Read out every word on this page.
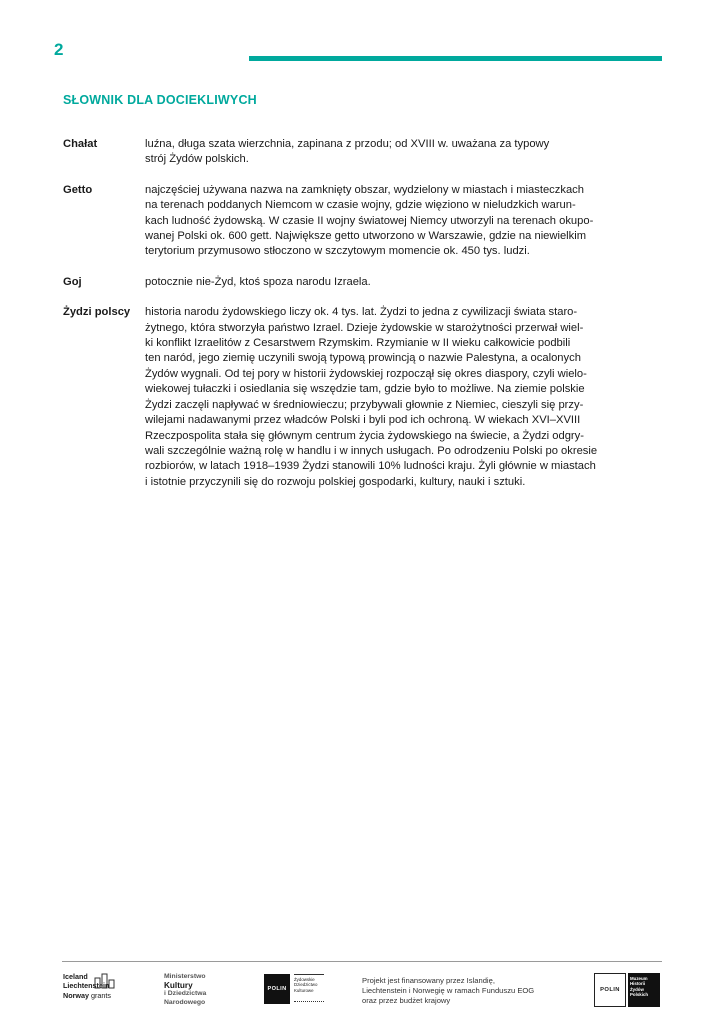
2
SŁOWNIK DLA DOCIEKLIWYCH
Chałat	luźna, długa szata wierzchnia, zapinana z przodu; od XVIII w. uważana za typowy
strój Żydów polskich.
Getto	najczęściej używana nazwa na zamknięty obszar, wydzielony w miastach i miasteczkach
na terenach poddanych Niemcom w czasie wojny, gdzie więziono w nieludzkich warun-
kach ludność żydowską. W czasie II wojny światowej Niemcy utworzyli na terenach okupo-
wanej Polski ok. 600 gett. Największe getto utworzono w Warszawie, gdzie na niewielkim
terytorium przymusowo stłoczono w szczytowym momencie ok. 450 tys. ludzi.
Goj	potocznie nie-Żyd, ktoś spoza narodu Izraela.
Żydzi polscy	historia narodu żydowskiego liczy ok. 4 tys. lat. Żydzi to jedna z cywilizacji świata staro-
żytnego, która stworzyła państwo Izrael. Dzieje żydowskie w starożytności przerwał wiel-
ki konflikt Izraelitów z Cesarstwem Rzymskim. Rzymianie w II wieku całkowicie podbili
ten naród, jego ziemię uczynili swoją typową prowincją o nazwie Palestyna, a ocalonych
Żydów wygnali. Od tej pory w historii żydowskiej rozpoczął się okres diaspory, czyli wielo-
wiekowej tułaczki i osiedlania się wszędzie tam, gdzie było to możliwe. Na ziemie polskie
Żydzi zaczęli napływać w średniowieczu; przybywali głownie z Niemiec, cieszyli się przy-
wilejami nadawanymi przez władców Polski i byli pod ich ochroną. W wiekach XVI–XVIII
Rzeczpospolita stała się głównym centrum życia żydowskiego na świecie, a Żydzi odgry-
wali szczególnie ważną rolę w handlu i w innych usługach. Po odrodzeniu Polski po okresie
rozbiorów, w latach 1918–1939 Żydzi stanowili 10% ludności kraju. Żyli głównie w miastach
i istotnie przyczynili się do rozwoju polskiej gospodarki, kultury, nauki i sztuki.
Iceland
Liechtenstein
Norway grants
Ministerstwo
Kultury
i Dziedzictwa
Narodowego
POLIN
Żydowskie
Dziedzictwo
Kulturowe
Projekt jest finansowany przez Islandię,
Liechtenstein i Norwegię w ramach Funduszu EOG
oraz przez budżet krajowy
POLIN
Muzeum
Historii
Żydów
Polskich
